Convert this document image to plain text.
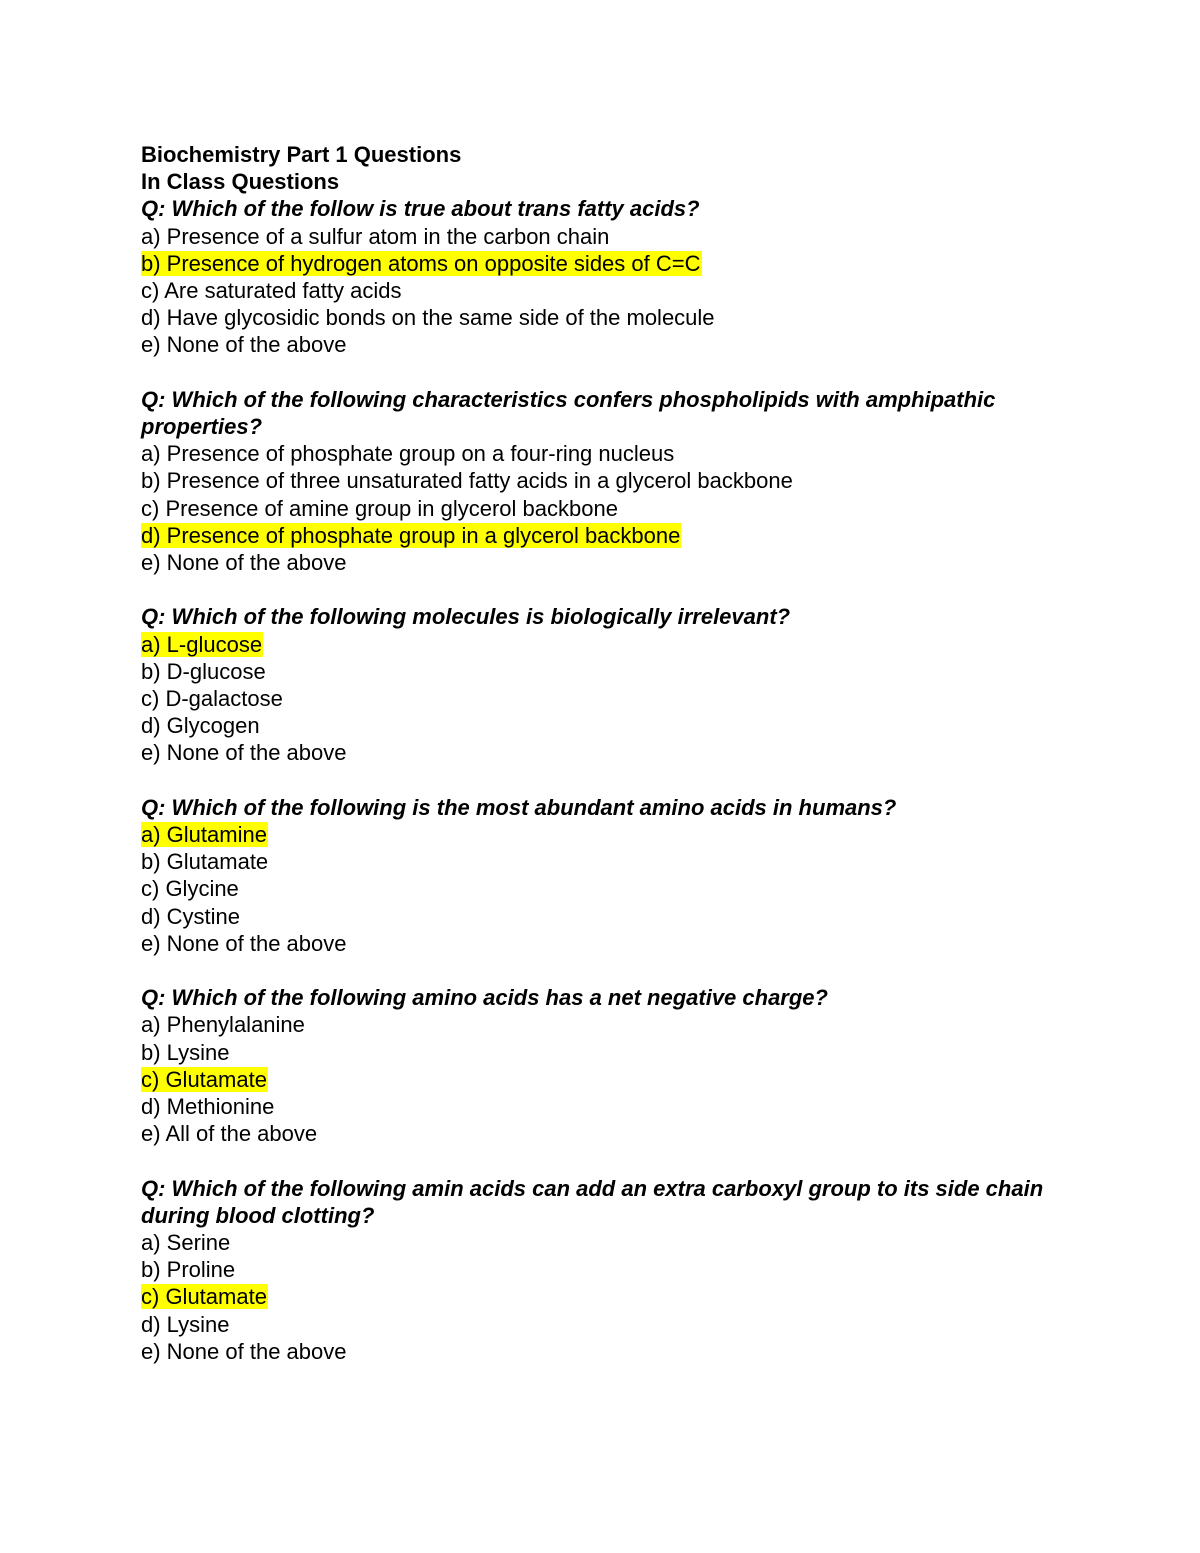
Biochemistry Part 1 Questions

In Class Questions

Q: Which of the follow is true about trans fatty acids?

a) Presence of a sulfur atom in the carbon chain

b) Presence of hydrogen atoms on opposite sides of C=C

c) Are saturated fatty acids

d) Have glycosidic bonds on the same side of the molecule

e) None of the above

Q: Which of the following characteristics confers phospholipids with amphipathic properties?

a) Presence of phosphate group on a four-ring nucleus

b) Presence of three unsaturated fatty acids in a glycerol backbone

c) Presence of amine group in glycerol backbone

d) Presence of phosphate group in a glycerol backbone

e) None of the above

Q: Which of the following molecules is biologically irrelevant?

a) L-glucose

b) D-glucose

c) D-galactose

d) Glycogen

e) None of the above

Q: Which of the following is the most abundant amino acids in humans?

a) Glutamine

b) Glutamate

c) Glycine

d) Cystine

e) None of the above

Q: Which of the following amino acids has a net negative charge?

a) Phenylalanine

b) Lysine

c) Glutamate

d) Methionine

e) All of the above

Q: Which of the following amin acids can add an extra carboxyl group to its side chain during blood clotting?

a) Serine

b) Proline

c) Glutamate

d) Lysine

e) None of the above
